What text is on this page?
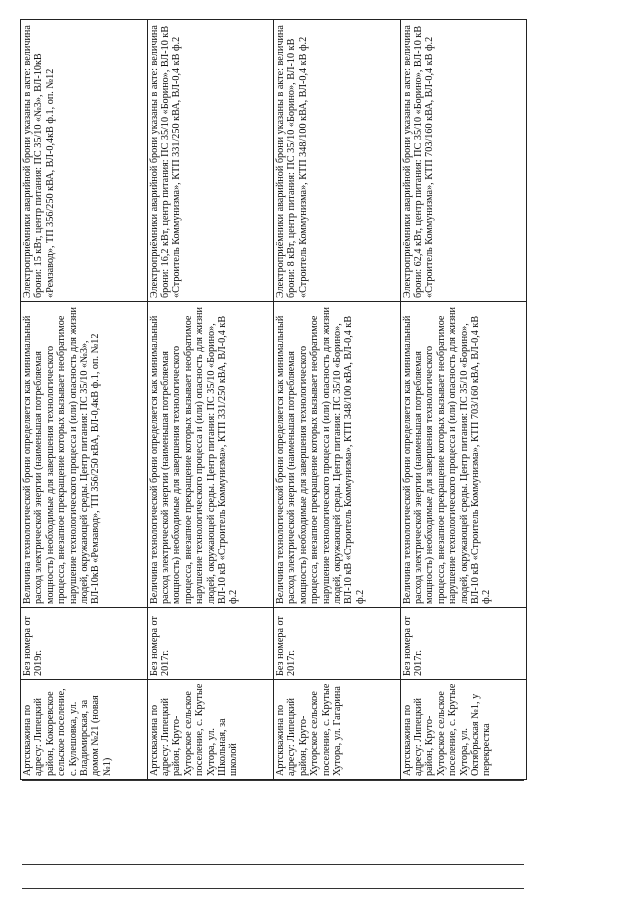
Артскважина по адресу: Липецкий район, Кокоревское сельское поселение, с. Кулешовка, ул. Владимирская, за домом №21 (новая №1)	Без номера от 2019г.	Величина технологической брони определяется как минимальный расход электрической энергии (наименьшая потребляемая мощность) необходимые для завершения технологического процесса, внезапное прекращение которых вызывает необратимое нарушение технологического процесса и (или) опасность для жизни людей, окружающей среды. Центр питания: ПС 35/10 «№3», ВЛ-10кВ «Ремзавод», ТП 356/250 кВА, ВЛ-0,4кВ ф.1, оп. №12	Электроприёмники аварийной брони указаны в акте: величина брони: 15 кВт, центр питания: ПС 35/10 «№3», ВЛ-10кВ «Ремзавод», ТП 356/250 кВА, ВЛ-0,4кВ ф.1, оп. №12
Артскважина по адресу: Липецкий район, Круто-Хуторское сельское поселение, с. Крутые Хутора, ул. Школьная, за школой	Без номера от 2017г.	Величина технологической брони определяется как минимальный расход электрической энергии (наименьшая потребляемая мощность) необходимые для завершения технологического процесса, внезапное прекращение которых вызывает необратимое нарушение технологического процесса и (или) опасность для жизни людей, окружающей среды. Центр питания: ПС 35/10 «Борино», ВЛ-10 кВ «Строитель Коммунизма», КТП 331/250 кВА, ВЛ-0,4 кВ ф.2	Электроприёмники аварийной брони указаны в акте: величина брони: 16,2 кВт, центр питания: ПС 35/10 «Борино», ВЛ-10 кВ «Строитель Коммунизма», КТП 331/250 кВА, ВЛ-0,4 кВ ф.2
Артскважина по адресу: Липецкий район, Круто-Хуторское сельское поселение, с. Крутые Хутора, ул. Гагарина	Без номера от 2017г.	Величина технологической брони определяется как минимальный расход электрической энергии (наименьшая потребляемая мощность) необходимые для завершения технологического процесса, внезапное прекращение которых вызывает необратимое нарушение технологического процесса и (или) опасность для жизни людей, окружающей среды. Центр питания: ПС 35/10 «Борино», ВЛ-10 кВ «Строитель Коммунизма», КТП 348/100 кВА, ВЛ-0,4 кВ ф.2	Электроприёмники аварийной брони указаны в акте: величина брони: 8 кВт, центр питания: ПС 35/10 «Борино», ВЛ-10 кВ «Строитель Коммунизма», КТП 348/100 кВА, ВЛ-0,4 кВ ф.2
Артскважина по адресу: Липецкий район, Круто-Хуторское сельское поселение, с. Крутые Хутора, ул. Октябрьская №1, у перекрестка	Без номера от 2017г.	Величина технологической брони определяется как минимальный расход электрической энергии (наименьшая потребляемая мощность) необходимые для завершения технологического процесса, внезапное прекращение которых вызывает необратимое нарушение технологического процесса и (или) опасность для жизни людей, окружающей среды. Центр питания: ПС 35/10 «Борино», ВЛ-10 кВ «Строитель Коммунизма», КТП 703/160 кВА, ВЛ-0,4 кВ ф.2	Электроприёмники аварийной брони указаны в акте: величина брони: 62,4 кВт, центр питания: ПС 35/10 «Борино», ВЛ-10 кВ «Строитель Коммунизма», КТП 703/160 кВА, ВЛ-0,4 кВ ф.2
